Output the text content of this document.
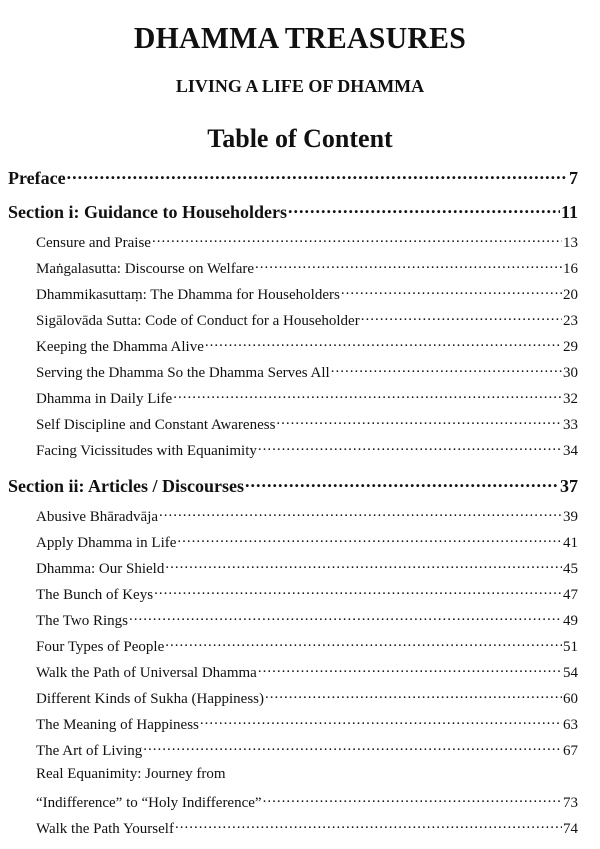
DHAMMA TREASURES
LIVING A LIFE OF DHAMMA
Table of Content
Preface .....	7
Section i: Guidance to Householders .....	11
Censure and Praise .....	13
Maṅgalasutta: Discourse on Welfare .....	16
Dhammikasuttaṃ: The Dhamma for Householders .....	20
Sigālovāda Sutta: Code of Conduct for a Householder .....	23
Keeping the Dhamma Alive .....	29
Serving the Dhamma So the Dhamma Serves All .....	30
Dhamma in Daily Life .....	32
Self Discipline and Constant Awareness .....	33
Facing Vicissitudes with Equanimity .....	34
Section ii: Articles / Discourses .....	37
Abusive Bhāradvāja .....	39
Apply Dhamma in Life .....	41
Dhamma: Our Shield .....	45
The Bunch of Keys .....	47
The Two Rings .....	49
Four Types of People .....	51
Walk the Path of Universal Dhamma .....	54
Different Kinds of Sukha (Happiness) .....	60
The Meaning of Happiness .....	63
The Art of Living .....	67
Real Equanimity: Journey from
“Indifference” to “Holy Indifference” .....	73
Walk the Path Yourself .....	74
